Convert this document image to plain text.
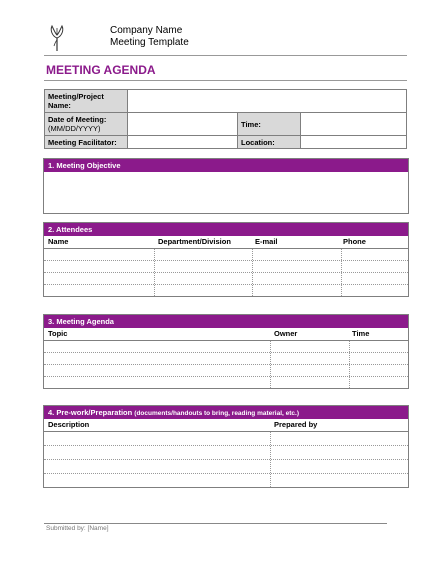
Company Name
Meeting Template
MEETING AGENDA
Meeting/Project Name:			
Date of Meeting:
(MM/DD/YYYY)		Time:	
Meeting Facilitator:		Location:	
1. Meeting Objective
2. Attendees
Name	Department/Division	E-mail	Phone
3. Meeting Agenda
Topic	Owner	Time
4. Pre-work/Preparation (documents/handouts to bring, reading material, etc.)
Description	Prepared by
Submitted by: [Name]
